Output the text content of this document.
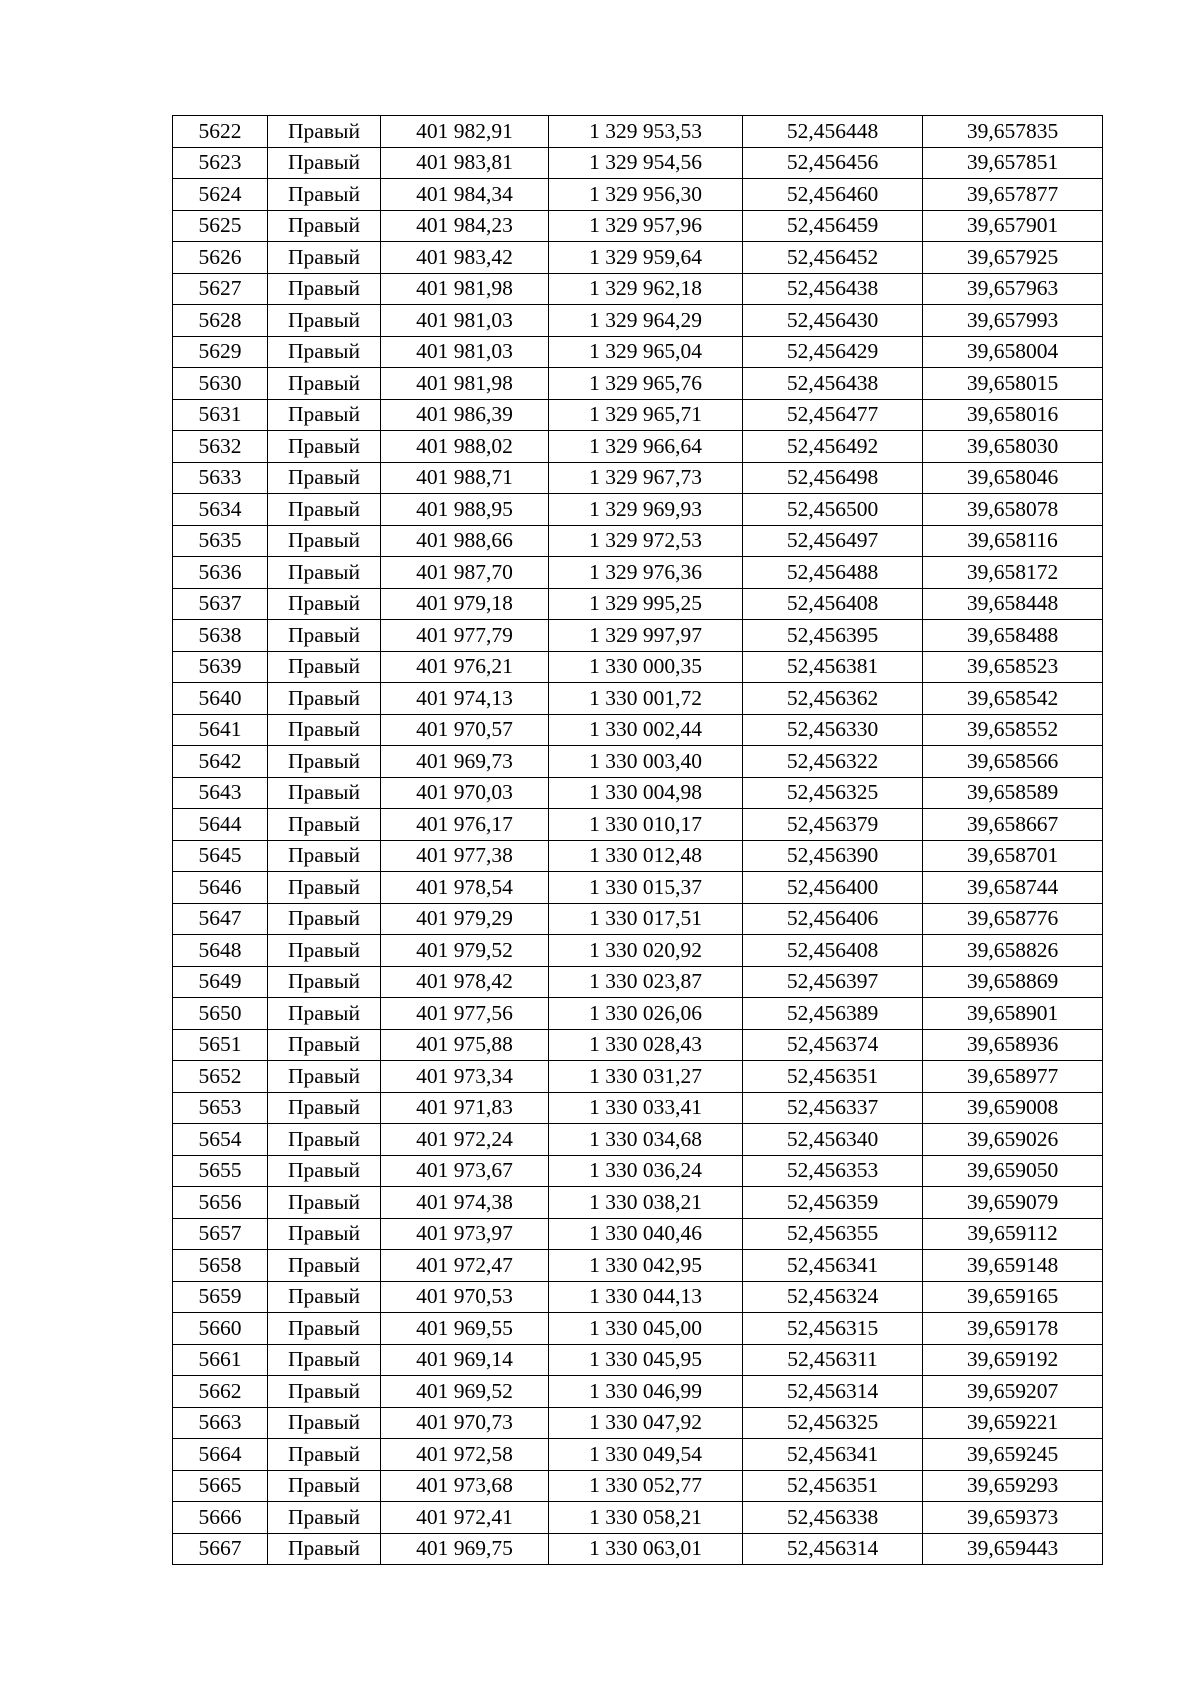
5622	Правый	401 982,91	1 329 953,53	52,456448	39,657835
5623	Правый	401 983,81	1 329 954,56	52,456456	39,657851
5624	Правый	401 984,34	1 329 956,30	52,456460	39,657877
5625	Правый	401 984,23	1 329 957,96	52,456459	39,657901
5626	Правый	401 983,42	1 329 959,64	52,456452	39,657925
5627	Правый	401 981,98	1 329 962,18	52,456438	39,657963
5628	Правый	401 981,03	1 329 964,29	52,456430	39,657993
5629	Правый	401 981,03	1 329 965,04	52,456429	39,658004
5630	Правый	401 981,98	1 329 965,76	52,456438	39,658015
5631	Правый	401 986,39	1 329 965,71	52,456477	39,658016
5632	Правый	401 988,02	1 329 966,64	52,456492	39,658030
5633	Правый	401 988,71	1 329 967,73	52,456498	39,658046
5634	Правый	401 988,95	1 329 969,93	52,456500	39,658078
5635	Правый	401 988,66	1 329 972,53	52,456497	39,658116
5636	Правый	401 987,70	1 329 976,36	52,456488	39,658172
5637	Правый	401 979,18	1 329 995,25	52,456408	39,658448
5638	Правый	401 977,79	1 329 997,97	52,456395	39,658488
5639	Правый	401 976,21	1 330 000,35	52,456381	39,658523
5640	Правый	401 974,13	1 330 001,72	52,456362	39,658542
5641	Правый	401 970,57	1 330 002,44	52,456330	39,658552
5642	Правый	401 969,73	1 330 003,40	52,456322	39,658566
5643	Правый	401 970,03	1 330 004,98	52,456325	39,658589
5644	Правый	401 976,17	1 330 010,17	52,456379	39,658667
5645	Правый	401 977,38	1 330 012,48	52,456390	39,658701
5646	Правый	401 978,54	1 330 015,37	52,456400	39,658744
5647	Правый	401 979,29	1 330 017,51	52,456406	39,658776
5648	Правый	401 979,52	1 330 020,92	52,456408	39,658826
5649	Правый	401 978,42	1 330 023,87	52,456397	39,658869
5650	Правый	401 977,56	1 330 026,06	52,456389	39,658901
5651	Правый	401 975,88	1 330 028,43	52,456374	39,658936
5652	Правый	401 973,34	1 330 031,27	52,456351	39,658977
5653	Правый	401 971,83	1 330 033,41	52,456337	39,659008
5654	Правый	401 972,24	1 330 034,68	52,456340	39,659026
5655	Правый	401 973,67	1 330 036,24	52,456353	39,659050
5656	Правый	401 974,38	1 330 038,21	52,456359	39,659079
5657	Правый	401 973,97	1 330 040,46	52,456355	39,659112
5658	Правый	401 972,47	1 330 042,95	52,456341	39,659148
5659	Правый	401 970,53	1 330 044,13	52,456324	39,659165
5660	Правый	401 969,55	1 330 045,00	52,456315	39,659178
5661	Правый	401 969,14	1 330 045,95	52,456311	39,659192
5662	Правый	401 969,52	1 330 046,99	52,456314	39,659207
5663	Правый	401 970,73	1 330 047,92	52,456325	39,659221
5664	Правый	401 972,58	1 330 049,54	52,456341	39,659245
5665	Правый	401 973,68	1 330 052,77	52,456351	39,659293
5666	Правый	401 972,41	1 330 058,21	52,456338	39,659373
5667	Правый	401 969,75	1 330 063,01	52,456314	39,659443
